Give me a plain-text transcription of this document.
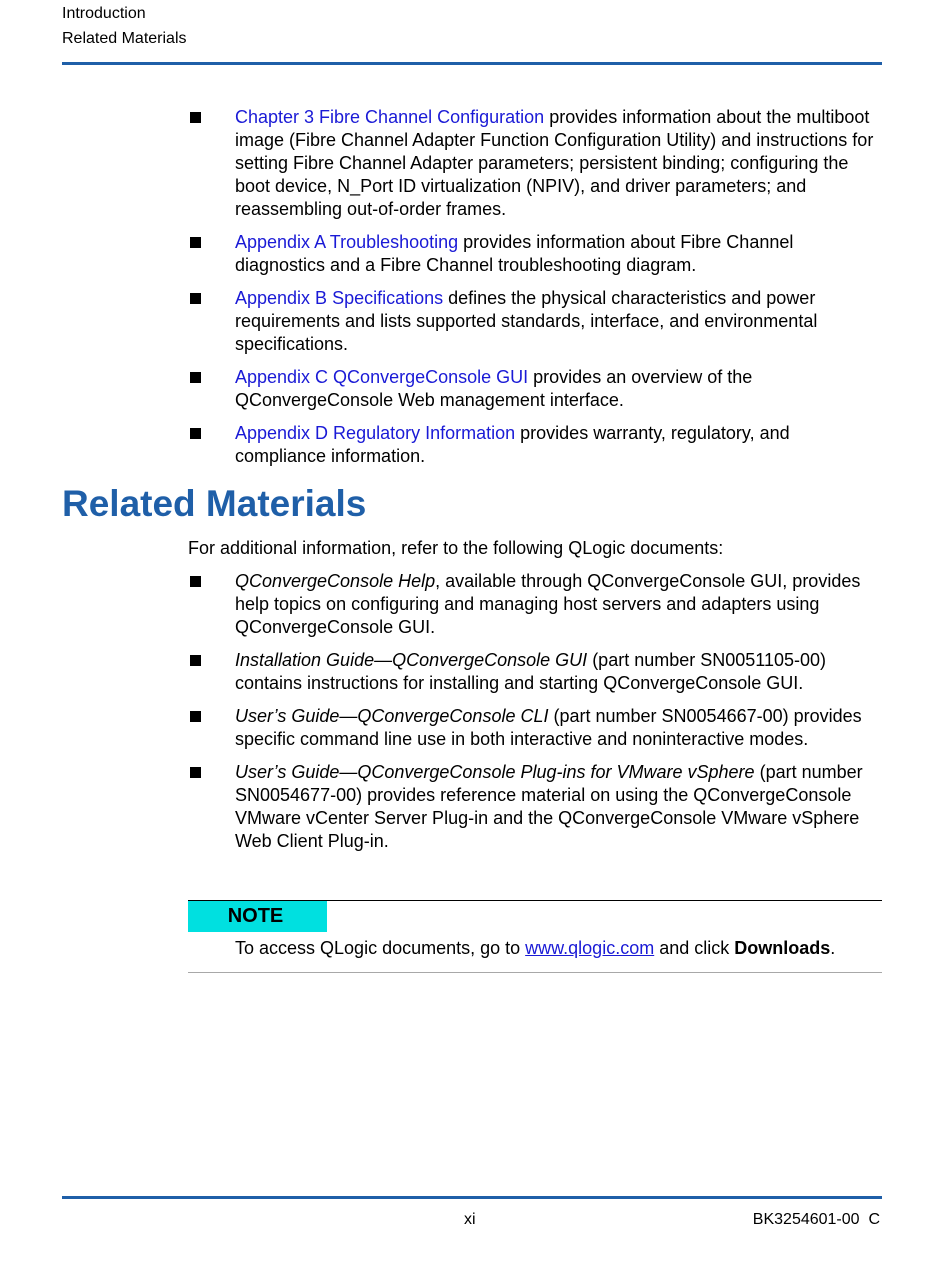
Introduction
Related Materials
Chapter 3 Fibre Channel Configuration provides information about the multiboot image (Fibre Channel Adapter Function Configuration Utility) and instructions for setting Fibre Channel Adapter parameters; persistent binding; configuring the boot device, N_Port ID virtualization (NPIV), and driver parameters; and reassembling out-of-order frames.
Appendix A Troubleshooting provides information about Fibre Channel diagnostics and a Fibre Channel troubleshooting diagram.
Appendix B Specifications defines the physical characteristics and power requirements and lists supported standards, interface, and environmental specifications.
Appendix C QConvergeConsole GUI provides an overview of the QConvergeConsole Web management interface.
Appendix D Regulatory Information provides warranty, regulatory, and compliance information.
Related Materials

For additional information, refer to the following QLogic documents:

QConvergeConsole Help, available through QConvergeConsole GUI, provides help topics on configuring and managing host servers and adapters using QConvergeConsole GUI.
Installation Guide—QConvergeConsole GUI (part number SN0051105-00) contains instructions for installing and starting QConvergeConsole GUI.
User’s Guide—QConvergeConsole CLI (part number SN0054667-00) provides specific command line use in both interactive and noninteractive modes.
User’s Guide—QConvergeConsole Plug-ins for VMware vSphere (part number SN0054677-00) provides reference material on using the QConvergeConsole VMware vCenter Server Plug-in and the QConvergeConsole VMware vSphere Web Client Plug-in.
NOTE

To access QLogic documents, go to www.qlogic.com and click Downloads.

xi	BK3254601-00  C
